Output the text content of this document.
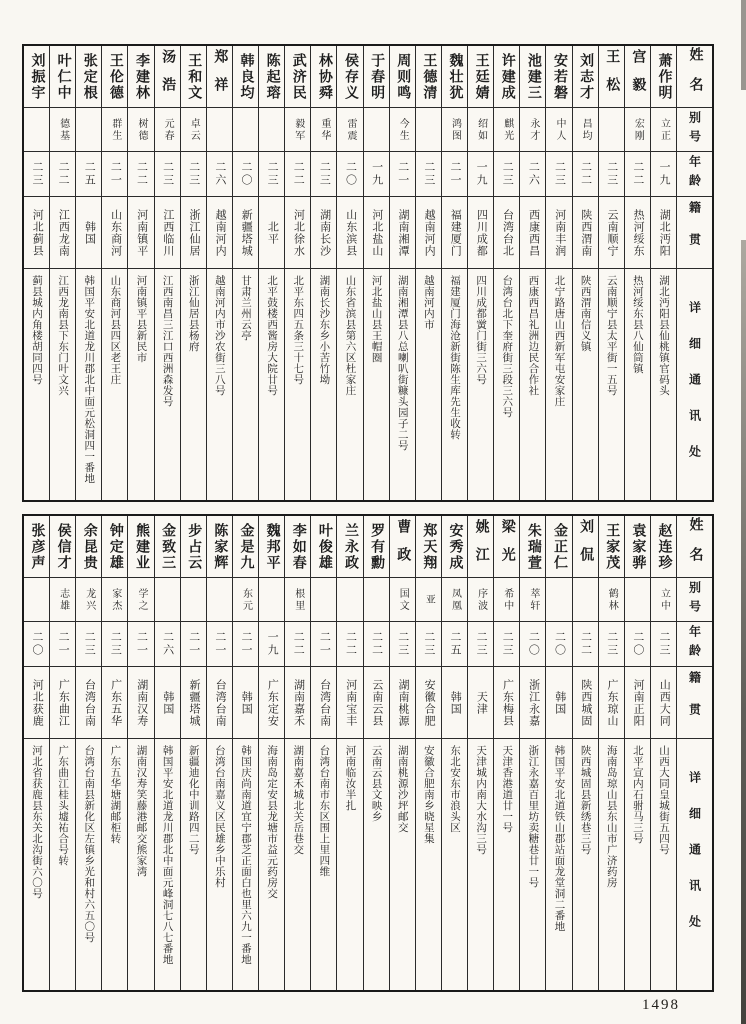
姓名
别号
年龄
籍贯
详细通讯处
萧作明
立正
一九
湖北沔阳
湖北沔阳县仙桃镇官码头
宫毅
宏刚
二二
热河绥东
热河绥东县八仙筒镇
王松
二三
云南顺宁
云南顺宁县太平街一五号
刘志才
昌均
二二
陕西渭南
陕西渭南信义镇
安若磐
中人
二三
河南丰润
北宁路唐山西新军屯安家庄
池建三
永才
二六
西康西昌
西康西昌礼洲边民合作社
许建成
麒光
二三
台湾台北
台湾台北下奎府街三段三六号
王廷婧
绍如
一九
四川成都
四川成都黉门街三六号
魏壮犹
鸿图
二一
福建厦门
福建厦门海沧新街陈生库先生收转
王德清
二三
越南河内
越南河内市
周则鸣
今生
二一
湖南湘潭
湖南湘潭县八总喇叭街糠头园子二号
于春明
一九
河北盐山
河北盐山县王帽圈
侯存义
雷震
二〇
山东滨县
山东省滨县第六区杜家庄
林协舜
重华
二三
湖南长沙
湖南长沙东乡小苦竹坳
武济民
毅军
二二
河北徐水
北平东四五条三十七号
陈起瑢
二三
北平
北平鼓楼西酱房大院廿号
韩良均
二〇
新疆塔城
甘肃兰州云亭
郑祥
二六
越南河内
越南河内市沙农街三八号
王和文
卓云
二三
浙江仙居
浙江仙居县杨府
汤浩
元春
二三
江西临川
江西南昌三江口西洲森发号
李建林
树德
二二
河南镇平
河南镇平县新民市
王伦德
群生
二一
山东商河
山东商河县四区老王庄
张定根
二五
韩国
韩国平安北道龙川郡北中面元松洞四一番地
叶仁中
德基
二二
江西龙南
江西龙南县下东门叶文兴
刘振宇
二三
河北蓟县
蓟县城内角楼胡同四号
姓名
别号
年龄
籍贯
详细通讯处
赵连珍
立中
二三
山西大同
山西大同皇城街五四号
袁家骅
二〇
河南正阳
北平宣内石驸马三号
王家茂
鹤林
二三
广东琼山
海南岛琼山县东山市广济药房
刘侃
二二
陕西城固
陕西城固县新绣巷三号
金正仁
二〇
韩国
韩国平安北道铁山郡站面龙堂洞二番地
朱瑞萱
萃轩
二〇
浙江永嘉
浙江永嘉百里坊卖糖巷廿一号
梁光
希中
二三
广东梅县
天津香港道廿一号
姚江
序波
二三
天津
天津城内南大水沟三号
安秀成
凤凰
二五
韩国
东北安东市浪头区
郑天翔
亚
二三
安徽合肥
安徽合肥南乡晓星集
曹政
国文
二三
湖南桃源
湖南桃源沙坪邮交
罗有勳
二二
云南云县
云南云县文映乡
兰永政
二二
河南宝丰
河南临汝半扎
叶俊雄
二一
台湾台南
台湾台南市东区围上里四维
李如春
根里
二二
湖南嘉禾
湖南嘉禾城北关岳巷交
魏邦平
一九
广东定安
海南岛定安县龙塘市益元药房交
金是九
东元
二一
韩国
韩国庆尚南道宜宁郡芝正面白也里六九一番地
陈家辉
二一
台湾台南
台湾台南嘉义区民雄乡中乐村
步占云
二一
新疆塔城
新疆迪化中训路四二号
金致三
二六
韩国
韩国平安北道龙川郡北中面元峰洞七八七番地
熊建业
学之
二一
湖南汉寿
湖南汉寿笑藤港邮交熊家湾
钟定雄
家杰
二三
广东五华
广东五华塘湖邮柜转
余昆贵
龙兴
二三
台湾台南
台湾台南县新化区左镇乡光和村六五〇号
侯信才
志雄
二一
广东曲江
广东曲江桂头墟祐合号转
张彦声
二〇
河北获鹿
河北省获鹿县东关北沟街六〇号
1498
